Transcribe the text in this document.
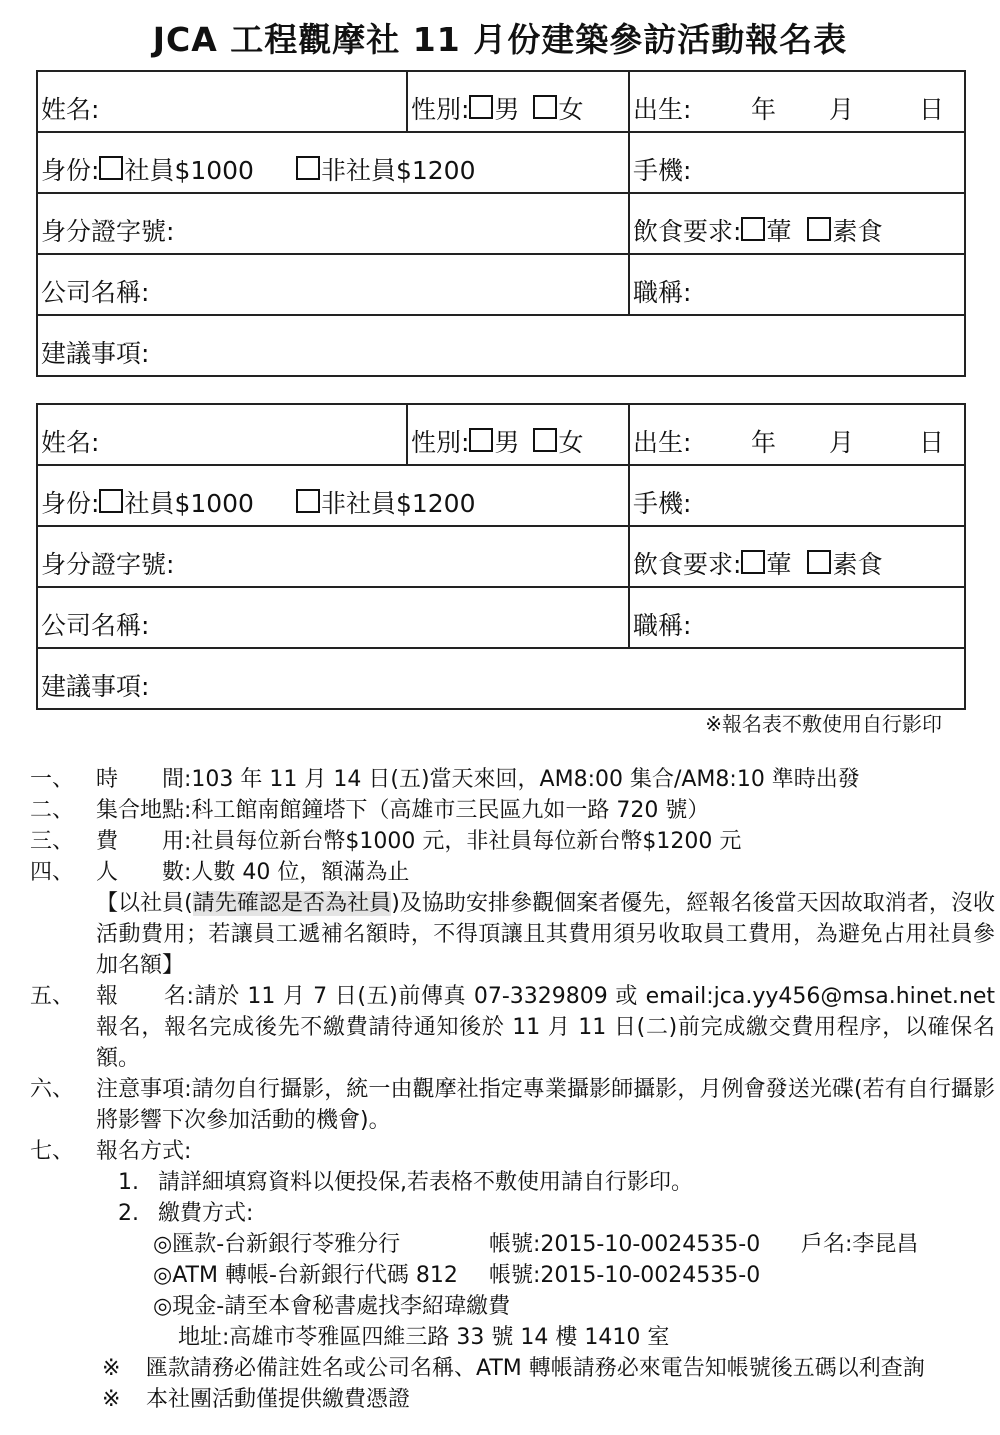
JCA 工程觀摩社 11 月份建築參訪活動報名表
姓名:	性別: 男 女	出生: 年 月 日
身份: 社員$1000 非社員$1200		手機:
身分證字號:		飲食要求: 葷 素食
公司名稱:		職稱:
建議事項:		
姓名:	性別: 男 女	出生: 年 月 日
身份: 社員$1000 非社員$1200		手機:
身分證字號:		飲食要求: 葷 素食
公司名稱:		職稱:
建議事項:		
※報名表不敷使用自行影印
一、 時　　間:103 年 11 月 14 日(五)當天來回，AM8:00 集合/AM8:10 準時出發
二、 集合地點:科工館南館鐘塔下（高雄市三民區九如一路 720 號）
三、 費　　用:社員每位新台幣$1000 元，非社員每位新台幣$1200 元
四、 人　　數:人數 40 位，額滿為止
【以社員(請先確認是否為社員)及協助安排參觀個案者優先，經報名後當天因故取消者，沒收活動費用；若讓員工遞補名額時，不得頂讓且其費用須另收取員工費用，為避免占用社員參加名額】
五、 報　　名:請於 11 月 7 日(五)前傳真 07-3329809 或 email:jca.yy456@msa.hinet.net 報名，報名完成後先不繳費請待通知後於 11 月 11 日(二)前完成繳交費用程序，以確保名額。
六、 注意事項:請勿自行攝影，統一由觀摩社指定專業攝影師攝影，月例會發送光碟(若有自行攝影將影響下次參加活動的機會)。
七、 報名方式:
1. 請詳細填寫資料以便投保,若表格不敷使用請自行影印。
2. 繳費方式:
◎匯款-台新銀行苓雅分行	帳號:2015-10-0024535-0 戶名:李昆昌
◎ATM 轉帳-台新銀行代碼 812 帳號:2015-10-0024535-0
◎現金-請至本會秘書處找李紹瑋繳費
地址:高雄市苓雅區四維三路 33 號 14 樓 1410 室
※	匯款請務必備註姓名或公司名稱、ATM 轉帳請務必來電告知帳號後五碼以利查詢
※	本社團活動僅提供繳費憑證
